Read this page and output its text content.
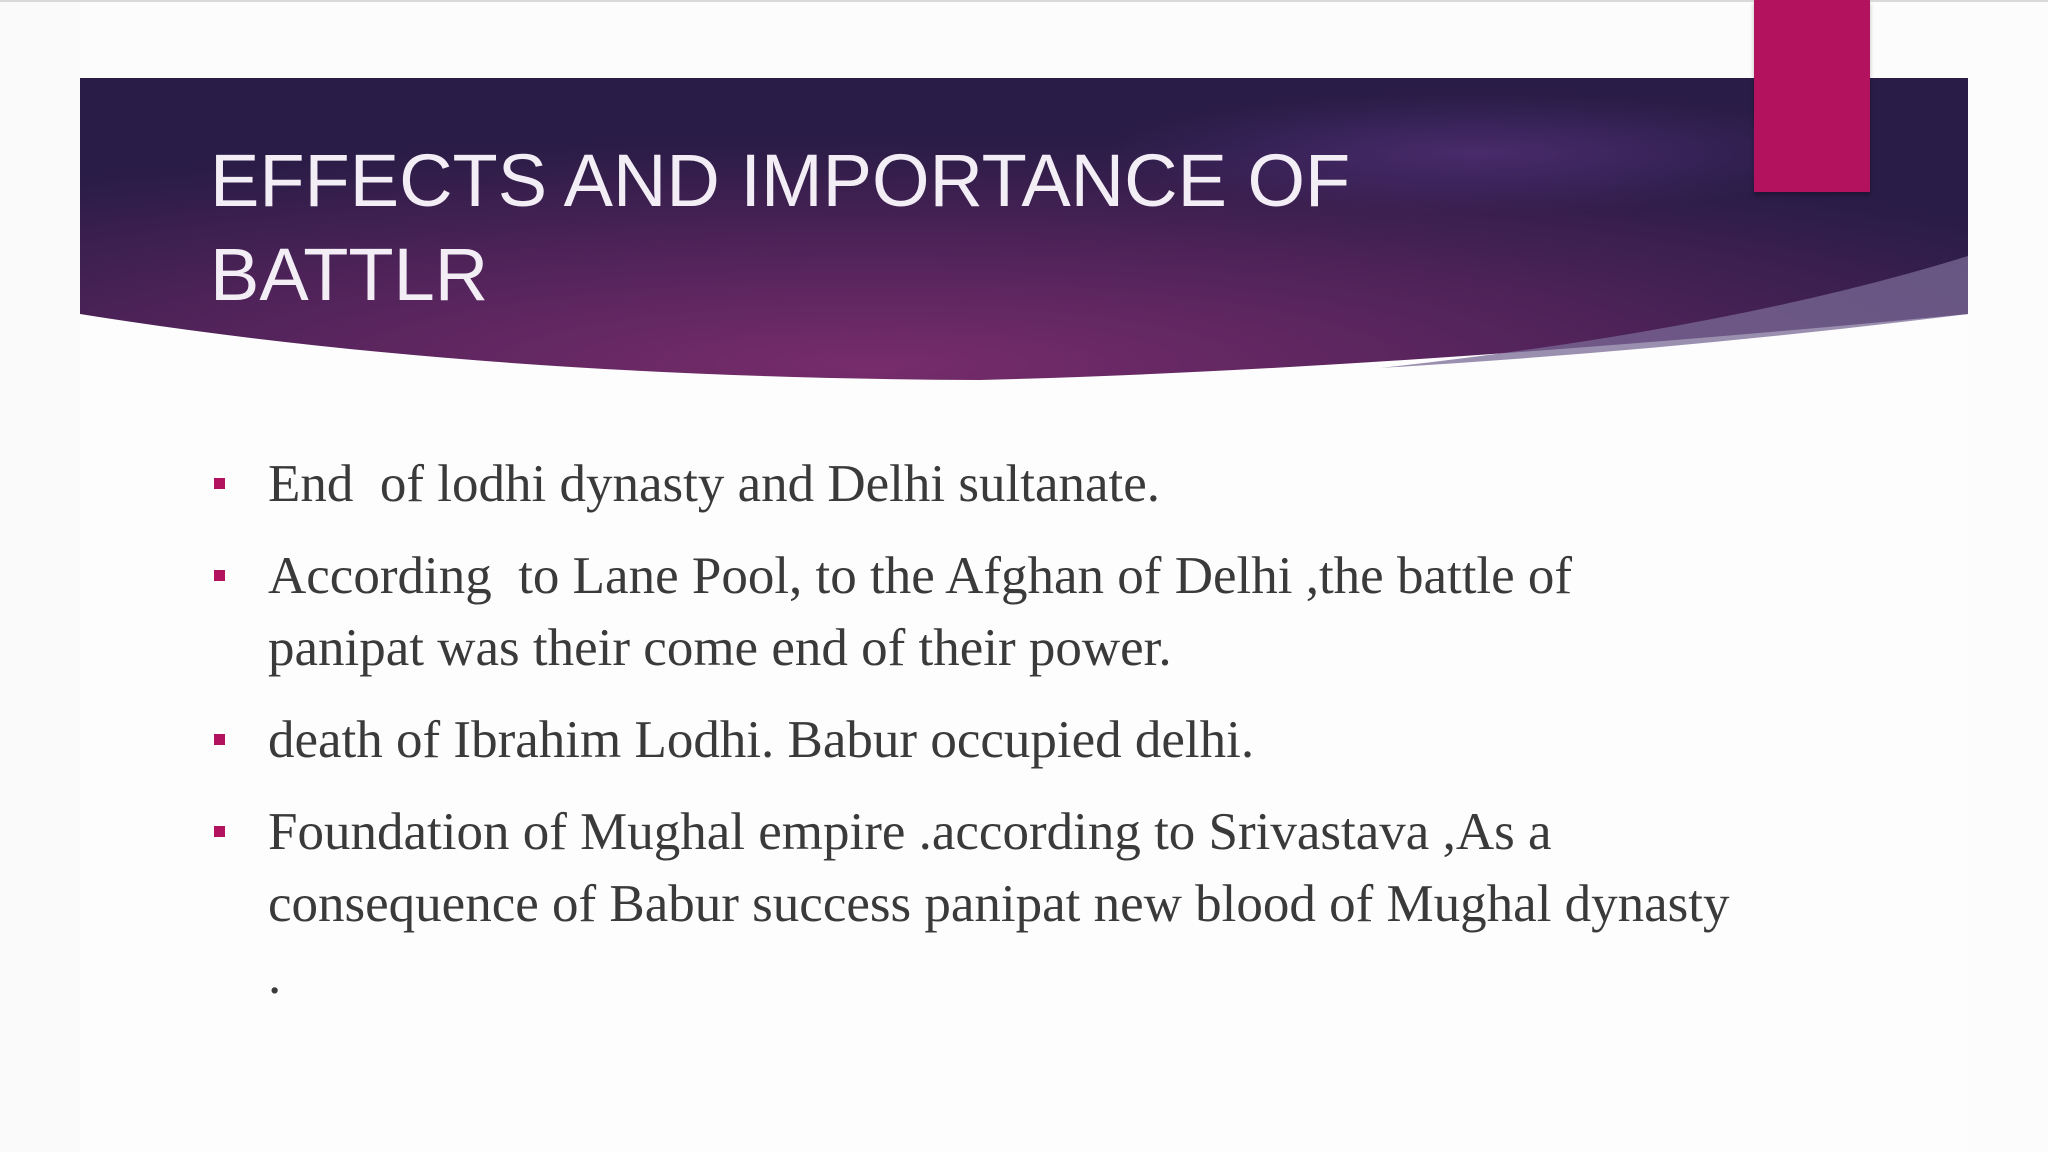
EFFECTS AND IMPORTANCE OF BATTLR
End  of lodhi dynasty and Delhi sultanate.
According  to Lane Pool, to the Afghan of Delhi ,the battle of panipat was their come end of their power.
death of Ibrahim Lodhi. Babur occupied delhi.
Foundation of Mughal empire .according to Srivastava ,As a consequence of Babur success panipat new blood of Mughal dynasty .
